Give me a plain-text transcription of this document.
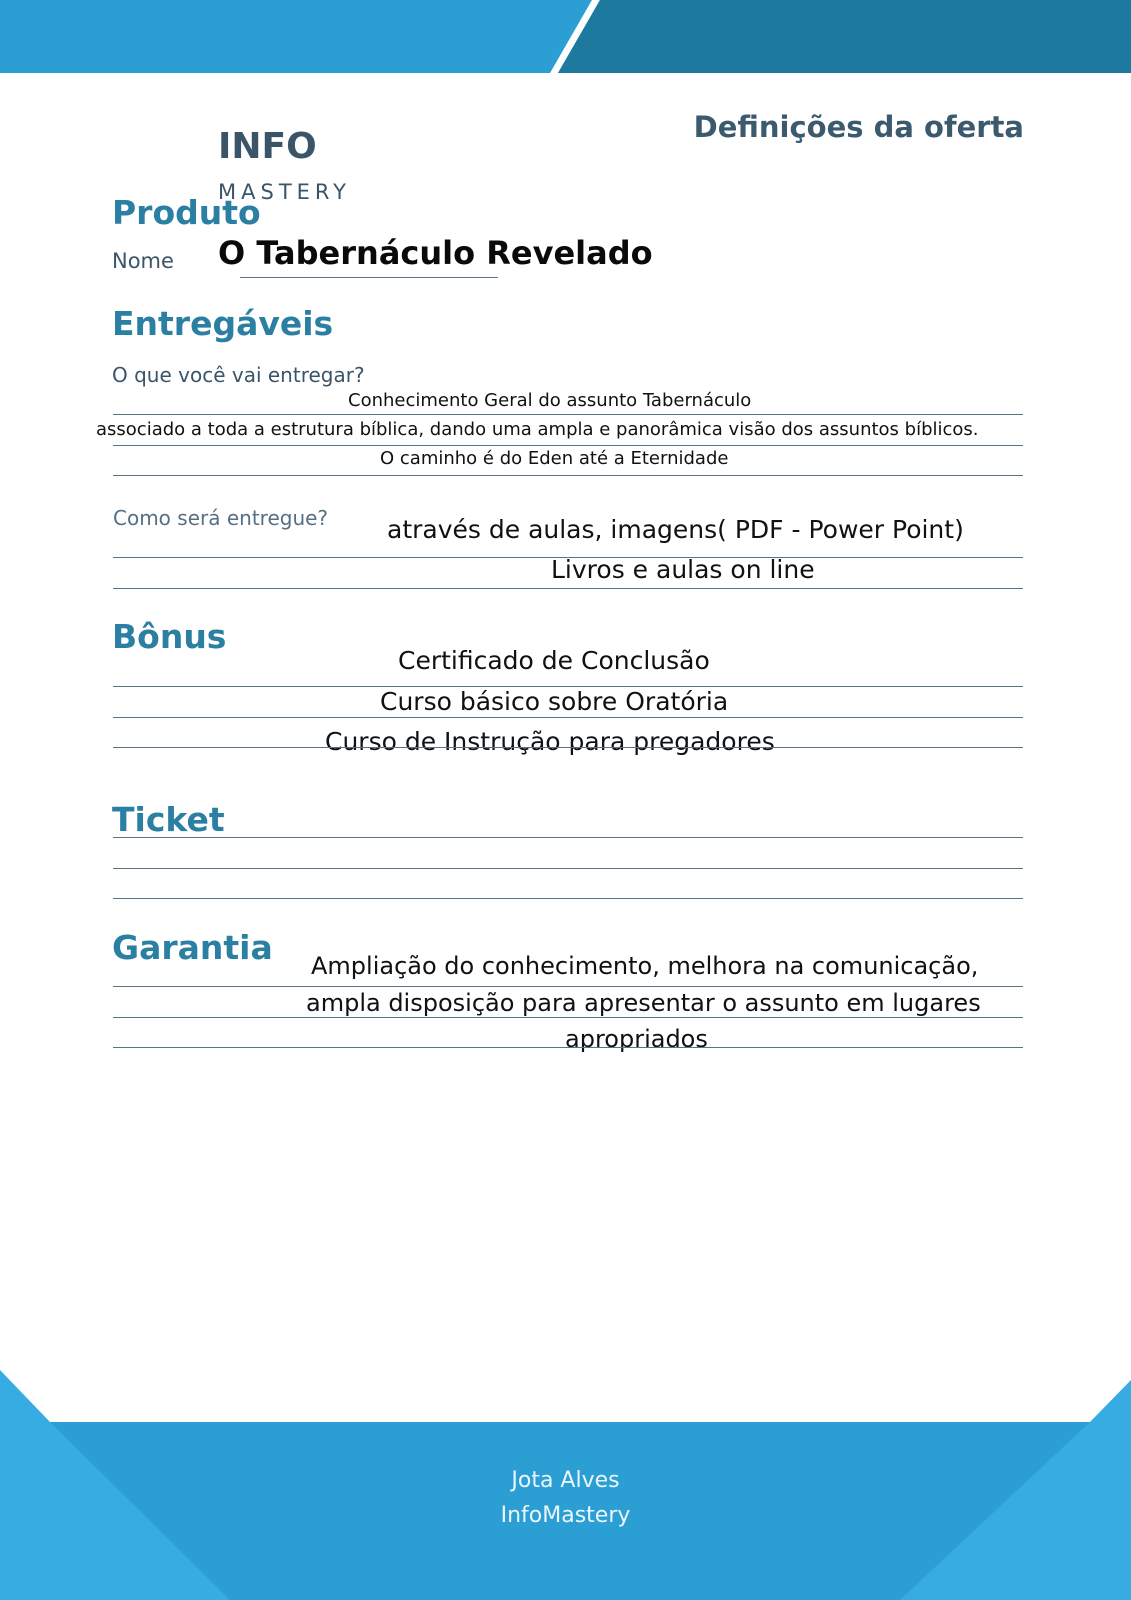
INFO
MASTERY
Definições da oferta
Produto
Nome O Tabernáculo Revelado
Entregáveis
O que você vai entregar?
Conhecimento Geral do assunto Tabernáculo
associado a toda a estrutura bíblica, dando uma ampla e panorâmica visão dos assuntos bíblicos.
O caminho é do Eden até a Eternidade
Como será entregue? através de aulas, imagens( PDF - Power Point)
Livros e aulas on line
Bônus
Certificado de Conclusão
Curso básico sobre Oratória
Curso de Instrução para pregadores
Ticket
Garantia Ampliação do conhecimento, melhora na comunicação,
ampla disposição para apresentar o assunto em lugares
apropriados
Jota Alves
InfoMastery
